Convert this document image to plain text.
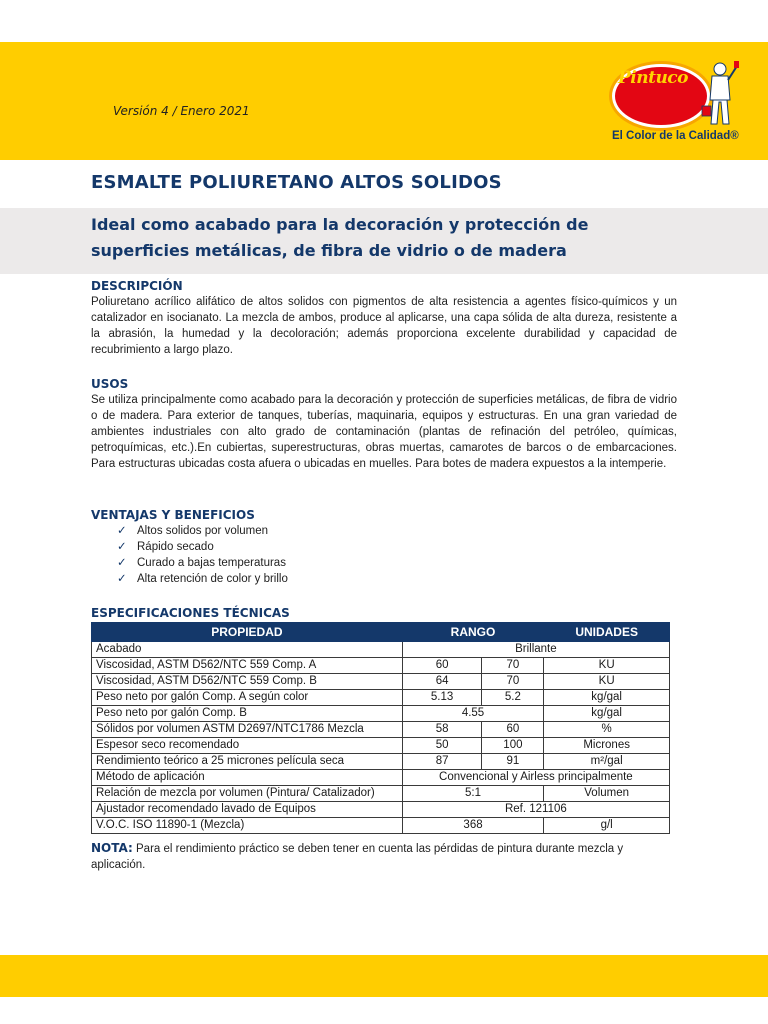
Versión 4 / Enero 2021
Pintuco
El Color de la Calidad®
ESMALTE POLIURETANO ALTOS SOLIDOS
Ideal como acabado para la decoración y protección de superficies metálicas, de fibra de vidrio o de madera
DESCRIPCIÓN

Poliuretano acrílico alifático de altos solidos con pigmentos de alta resistencia a agentes físico-químicos y un catalizador en isocianato. La mezcla de ambos, produce al aplicarse, una capa sólida de alta dureza, resistente a la abrasión, la humedad y la decoloración; además proporciona excelente durabilidad y capacidad de recubrimiento a largo plazo.

USOS

Se utiliza principalmente como acabado para la decoración y protección de superficies metálicas, de fibra de vidrio o de madera. Para exterior de tanques, tuberías, maquinaria, equipos y estructuras. En una gran variedad de ambientes industriales con alto grado de contaminación (plantas de refinación del petróleo, químicas, petroquímicas, etc.).En cubiertas, superestructuras, obras muertas, camarotes de barcos o de embarcaciones. Para estructuras ubicadas costa afuera o ubicadas en muelles. Para botes de madera expuestos a la intemperie.

VENTAJAS Y BENEFICIOS
✓ Altos solidos por volumen
✓ Rápido secado
✓ Curado a bajas temperaturas
✓ Alta retención de color y brillo
ESPECIFICACIONES TÉCNICAS
PROPIEDAD	RANGO		UNIDADES
Acabado	Brillante		
Viscosidad, ASTM D562/NTC 559 Comp. A	60	70	KU
Viscosidad, ASTM D562/NTC 559 Comp. B	64	70	KU
Peso neto por galón Comp. A según color	5.13	5.2	kg/gal
Peso neto por galón Comp. B	4.55		kg/gal
Sólidos por volumen ASTM D2697/NTC1786 Mezcla	58	60	%
Espesor seco recomendado	50	100	Micrones
Rendimiento teórico a 25 micrones película seca	87	91	m²/gal
Método de aplicación	Convencional y Airless principalmente		
Relación de mezcla por volumen (Pintura/ Catalizador)	5:1		Volumen
Ajustador recomendado lavado de Equipos	Ref. 121106		
V.O.C. ISO 11890-1 (Mezcla)	368		g/l
NOTA: Para el rendimiento práctico se deben tener en cuenta las pérdidas de pintura durante mezcla y aplicación.
